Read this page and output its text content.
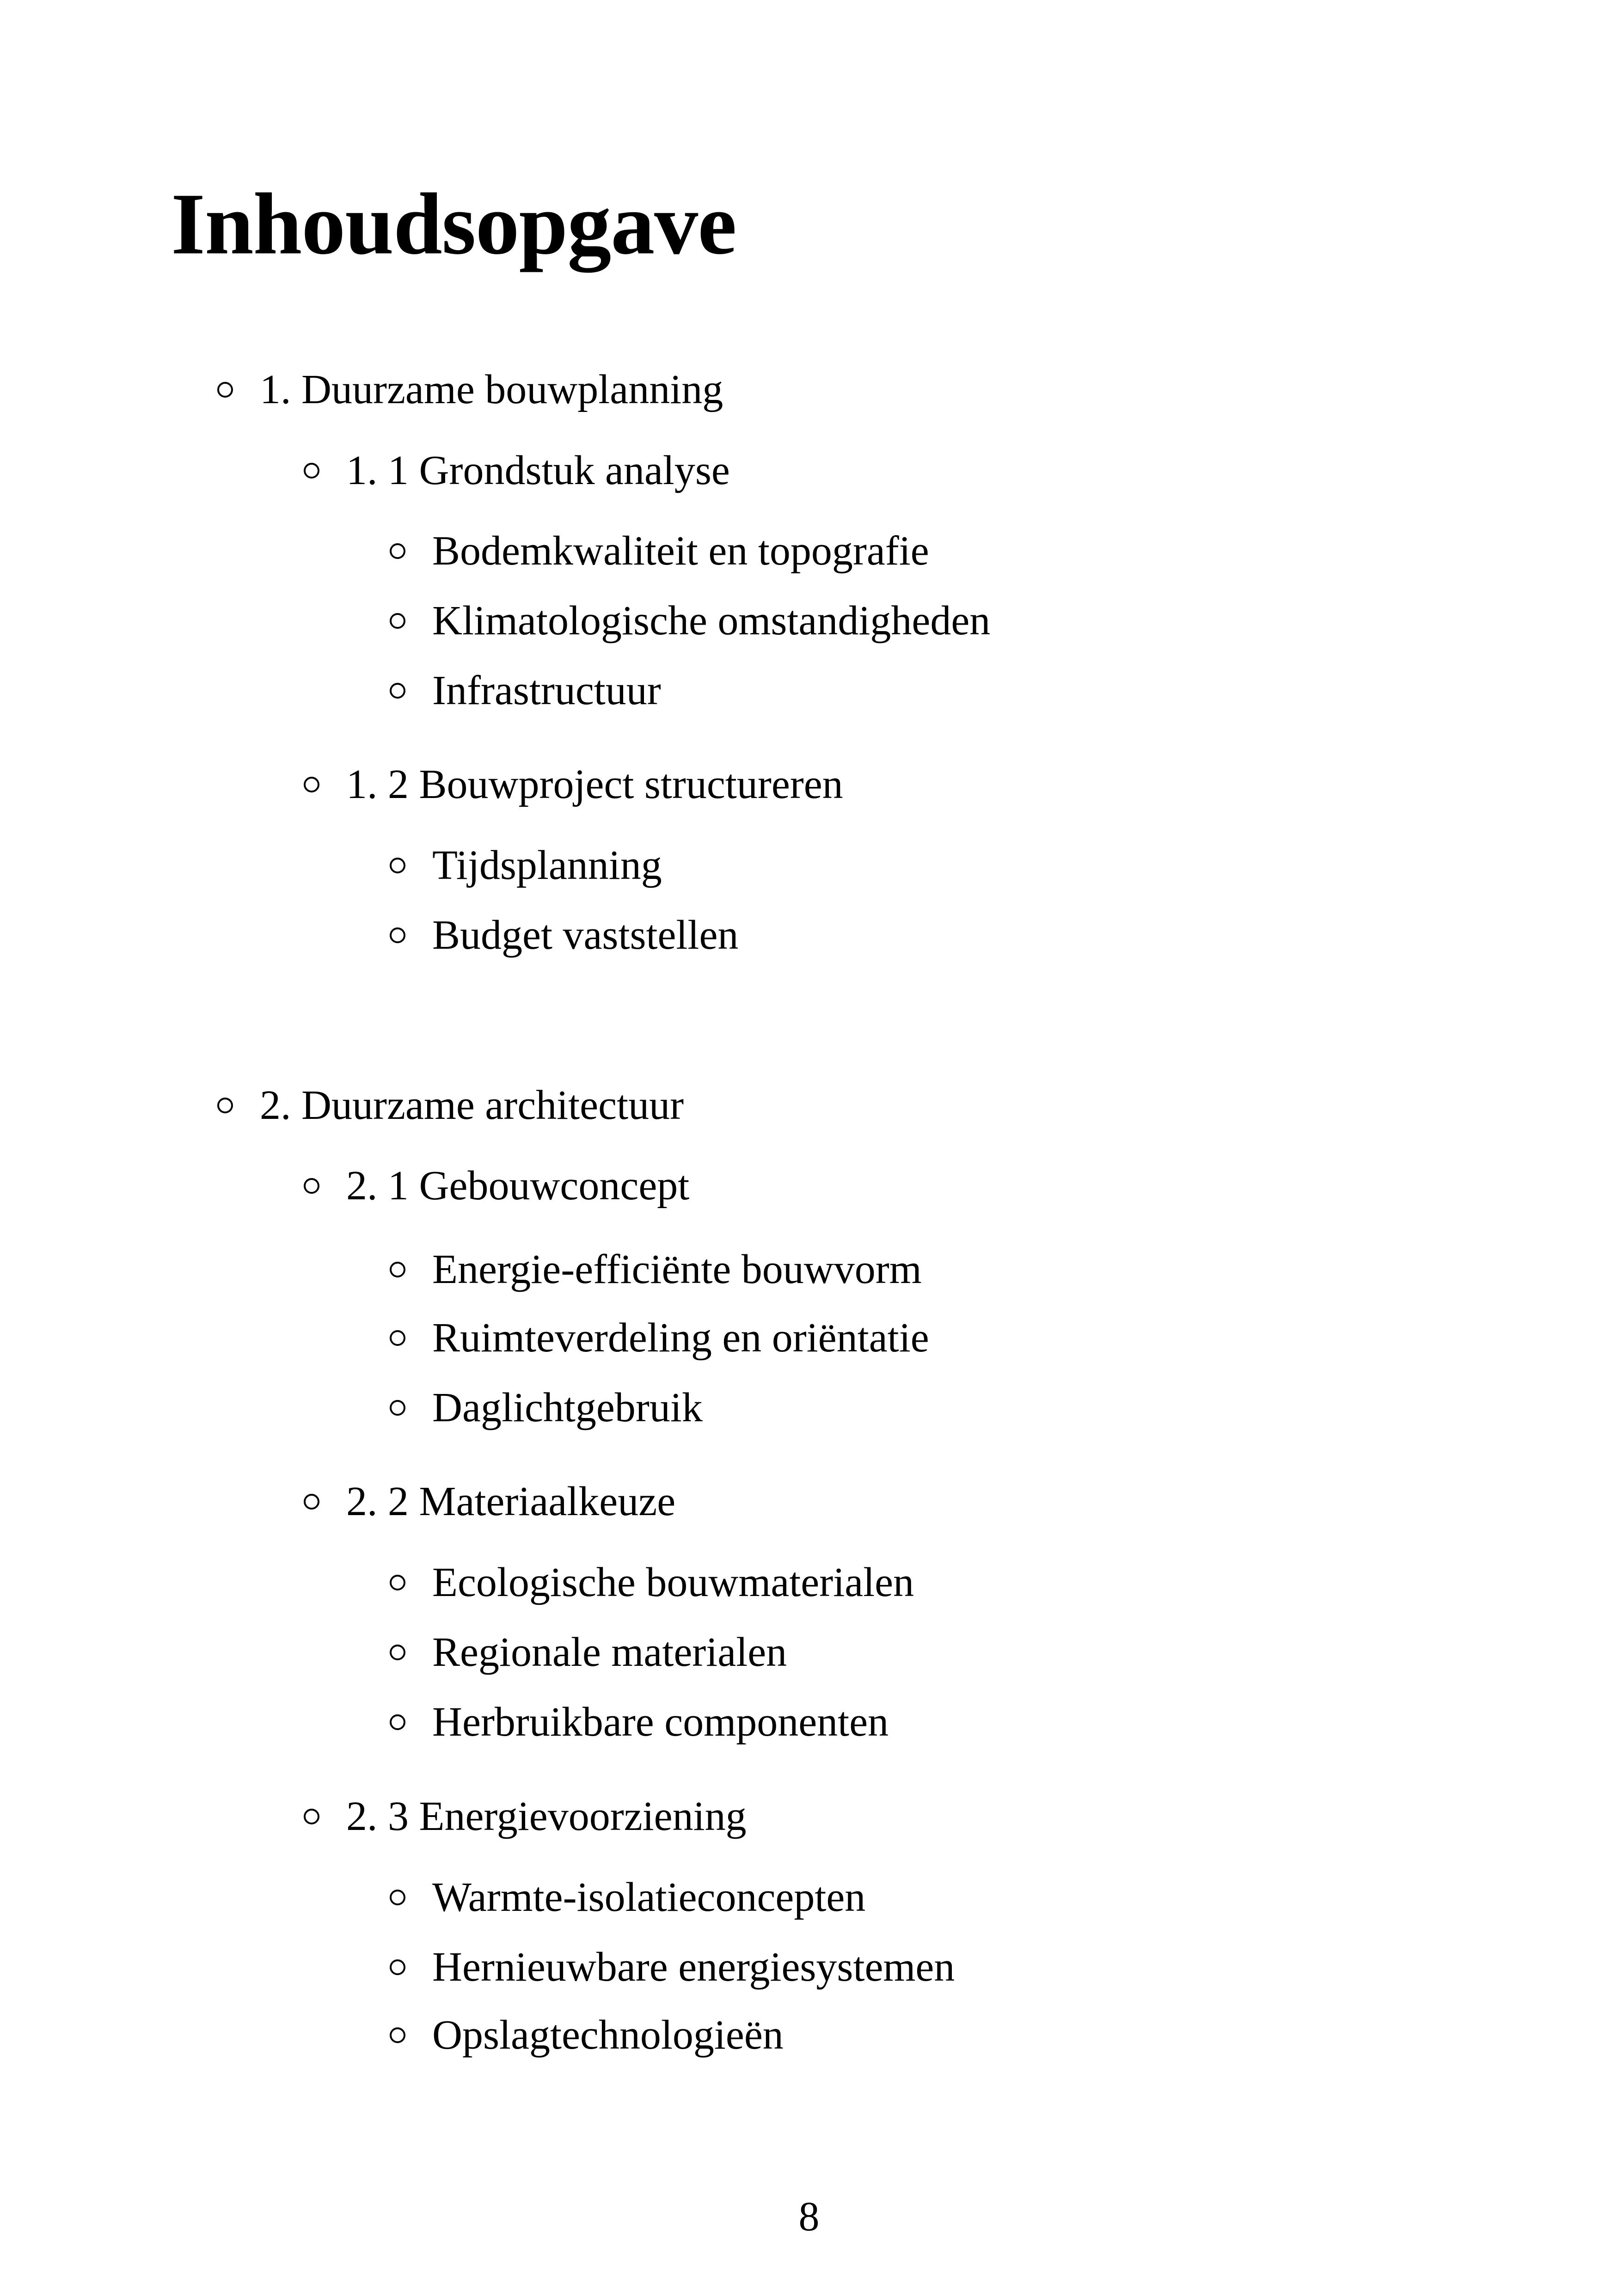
Inhoudsopgave
1. Duurzame bouwplanning
1. 1 Grondstuk analyse
Bodemkwaliteit en topografie
Klimatologische omstandigheden
Infrastructuur
1. 2 Bouwproject structureren
Tijdsplanning
Budget vaststellen
2. Duurzame architectuur
2. 1 Gebouwconcept
Energie-efficiënte bouwvorm
Ruimteverdeling en oriëntatie
Daglichtgebruik
2. 2 Materiaalkeuze
Ecologische bouwmaterialen
Regionale materialen
Herbruikbare componenten
2. 3 Energievoorziening
Warmte-isolatieconcepten
Hernieuwbare energiesystemen
Opslagtechnologieën
8
